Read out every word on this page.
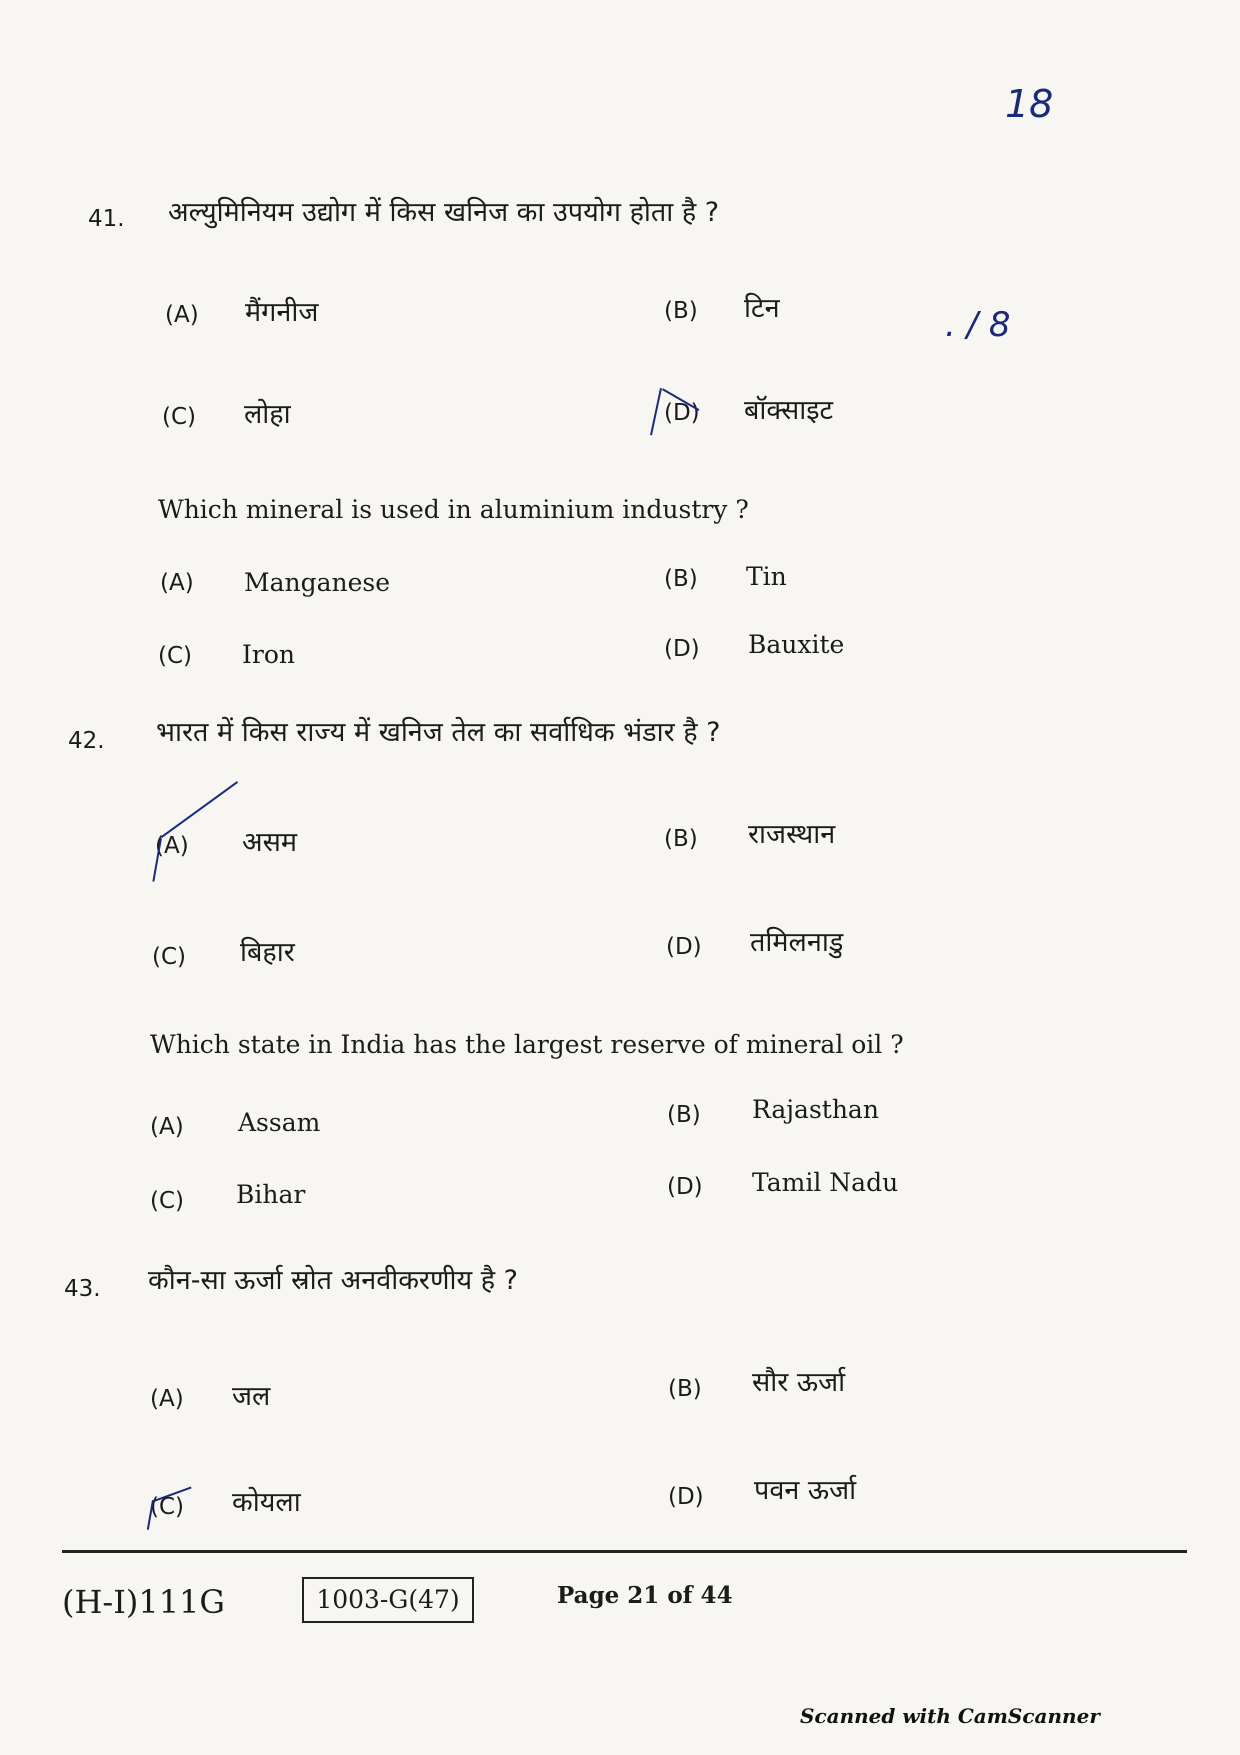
18
. / 8
41. अल्युमिनियम उद्योग में किस खनिज का उपयोग होता है ?
(A) मैंगनीज	(B) टिन
(C) लोहा	(D) बॉक्साइट
Which mineral is used in aluminium industry ?
(A) Manganese	(B) Tin
(C) Iron	(D) Bauxite
42. भारत में किस राज्य में खनिज तेल का सर्वाधिक भंडार है ?
(A) असम	(B) राजस्थान
(C) बिहार	(D) तमिलनाडु
Which state in India has the largest reserve of mineral oil ?
(A) Assam	(B) Rajasthan
(C) Bihar	(D) Tamil Nadu
43. कौन-सा ऊर्जा स्रोत अनवीकरणीय है ?
(A) जल	(B) सौर ऊर्जा
(C) कोयला	(D) पवन ऊर्जा
(H-I)111G	1003-G(47)	Page 21 of 44
Scanned with CamScanner
